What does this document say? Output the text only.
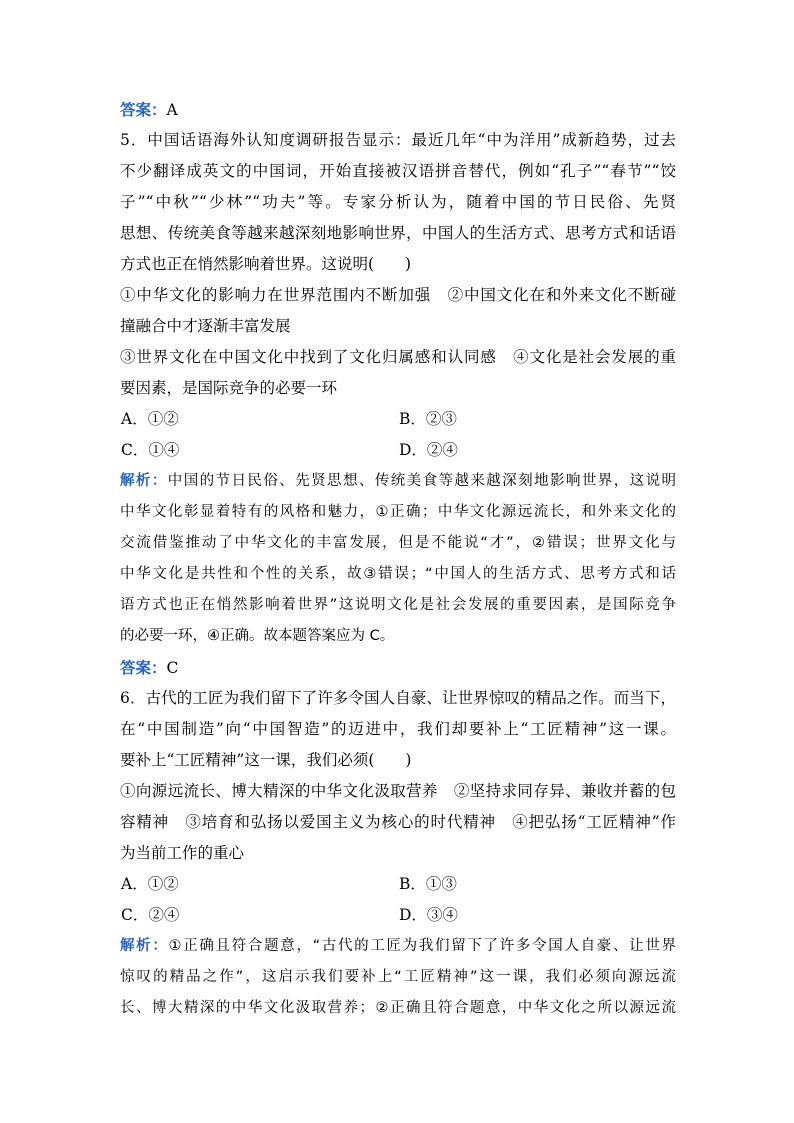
答案：A
5．中国话语海外认知度调研报告显示：最近几年“中为洋用”成新趋势，过去
不少翻译成英文的中国词，开始直接被汉语拼音替代，例如“孔子”“春节”“饺
子”“中秋”“少林”“功夫”等。专家分析认为，随着中国的节日民俗、先贤
思想、传统美食等越来越深刻地影响世界，中国人的生活方式、思考方式和话语
方式也正在悄然影响着世界。这说明(　　)
①中华文化的影响力在世界范围内不断加强　②中国文化在和外来文化不断碰
撞融合中才逐渐丰富发展
③世界文化在中国文化中找到了文化归属感和认同感　④文化是社会发展的重
要因素，是国际竞争的必要一环
A．①②	B．②③
C．①④	D．②④
解析：中国的节日民俗、先贤思想、传统美食等越来越深刻地影响世界，这说明
中华文化彰显着特有的风格和魅力，①正确；中华文化源远流长，和外来文化的
交流借鉴推动了中华文化的丰富发展，但是不能说“才”，②错误；世界文化与
中华文化是共性和个性的关系，故③错误；“中国人的生活方式、思考方式和话
语方式也正在悄然影响着世界”这说明文化是社会发展的重要因素，是国际竞争
的必要一环，④正确。故本题答案应为 C。
答案：C
6．古代的工匠为我们留下了许多令国人自豪、让世界惊叹的精品之作。而当下，
在“中国制造”向“中国智造”的迈进中，我们却要补上“工匠精神”这一课。
要补上“工匠精神”这一课，我们必须(　　)
①向源远流长、博大精深的中华文化汲取营养　②坚持求同存异、兼收并蓄的包
容精神　③培育和弘扬以爱国主义为核心的时代精神　④把弘扬“工匠精神”作
为当前工作的重心
A．①②	B．①③
C．②④	D．③④
解析：①正确且符合题意，“古代的工匠为我们留下了许多令国人自豪、让世界
惊叹的精品之作”，这启示我们要补上“工匠精神”这一课，我们必须向源远流
长、博大精深的中华文化汲取营养；②正确且符合题意，中华文化之所以源远流
